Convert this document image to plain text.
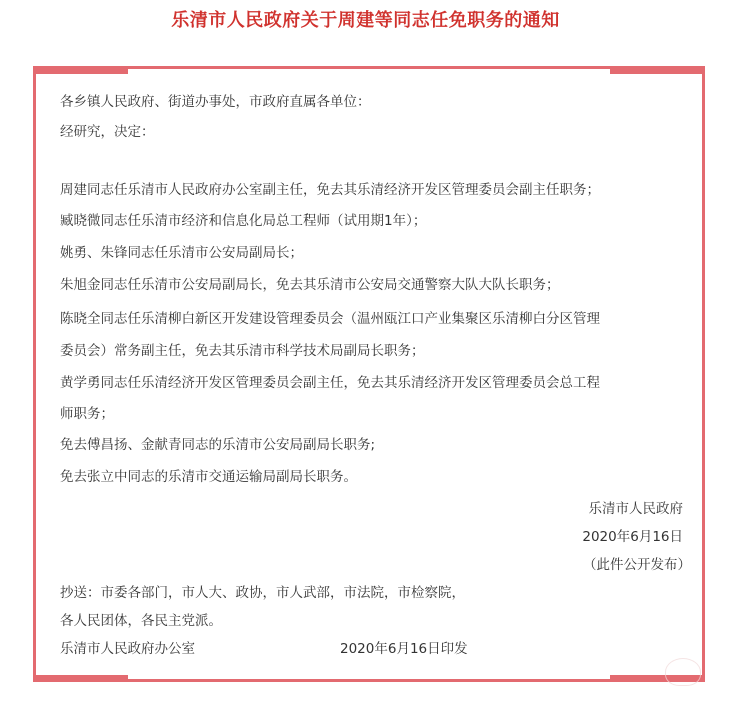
乐清市人民政府关于周建等同志任免职务的通知
各乡镇人民政府、街道办事处，市政府直属各单位：
经研究，决定：
周建同志任乐清市人民政府办公室副主任，免去其乐清经济开发区管理委员会副主任职务；
臧晓微同志任乐清市经济和信息化局总工程师（试用期1年）；
姚勇、朱锋同志任乐清市公安局副局长；
朱旭金同志任乐清市公安局副局长，免去其乐清市公安局交通警察大队大队长职务；
陈晓全同志任乐清柳白新区开发建设管理委员会（温州瓯江口产业集聚区乐清柳白分区管理
委员会）常务副主任，免去其乐清市科学技术局副局长职务；
黄学勇同志任乐清经济开发区管理委员会副主任，免去其乐清经济开发区管理委员会总工程
师职务；
免去傅昌扬、金献青同志的乐清市公安局副局长职务;
免去张立中同志的乐清市交通运输局副局长职务。
乐清市人民政府
2020年6月16日
（此件公开发布）
抄送：市委各部门，市人大、政协，市人武部，市法院，市检察院，
各人民团体，各民主党派。
乐清市人民政府办公室	2020年6月16日印发
